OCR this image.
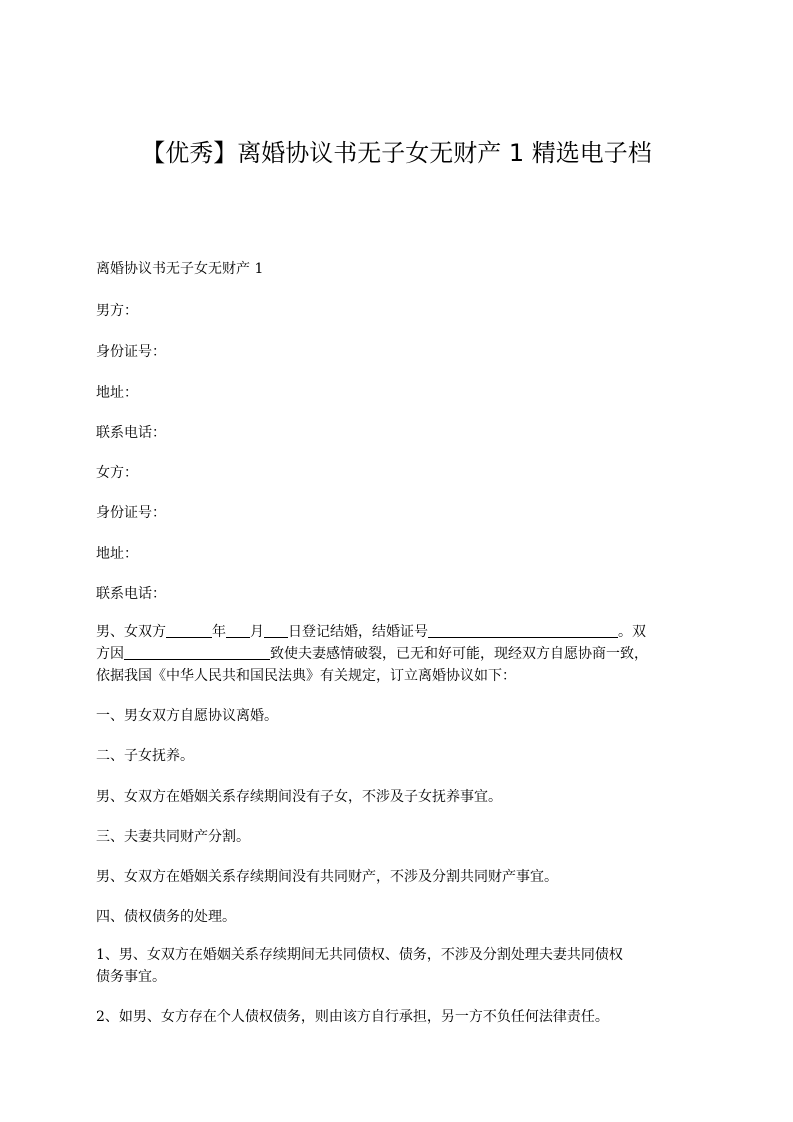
【优秀】离婚协议书无子女无财产 1 精选电子档

离婚协议书无子女无财产 1

男方：

身份证号：

地址：

联系电话：

女方：

身份证号：

地址：

联系电话：

男、女双方	年 月 日登记结婚，结婚证号	。双

方因	致使夫妻感情破裂，已无和好可能，现经双方自愿协商一致，

依据我国《中华人民共和国民法典》有关规定，订立离婚协议如下：

一、男女双方自愿协议离婚。

二、子女抚养。

男、女双方在婚姻关系存续期间没有子女，不涉及子女抚养事宜。

三、夫妻共同财产分割。

男、女双方在婚姻关系存续期间没有共同财产，不涉及分割共同财产事宜。

四、债权债务的处理。

1、男、女双方在婚姻关系存续期间无共同债权、债务，不涉及分割处理夫妻共同债权

债务事宜。

2、如男、女方存在个人债权债务，则由该方自行承担，另一方不负任何法律责任。
